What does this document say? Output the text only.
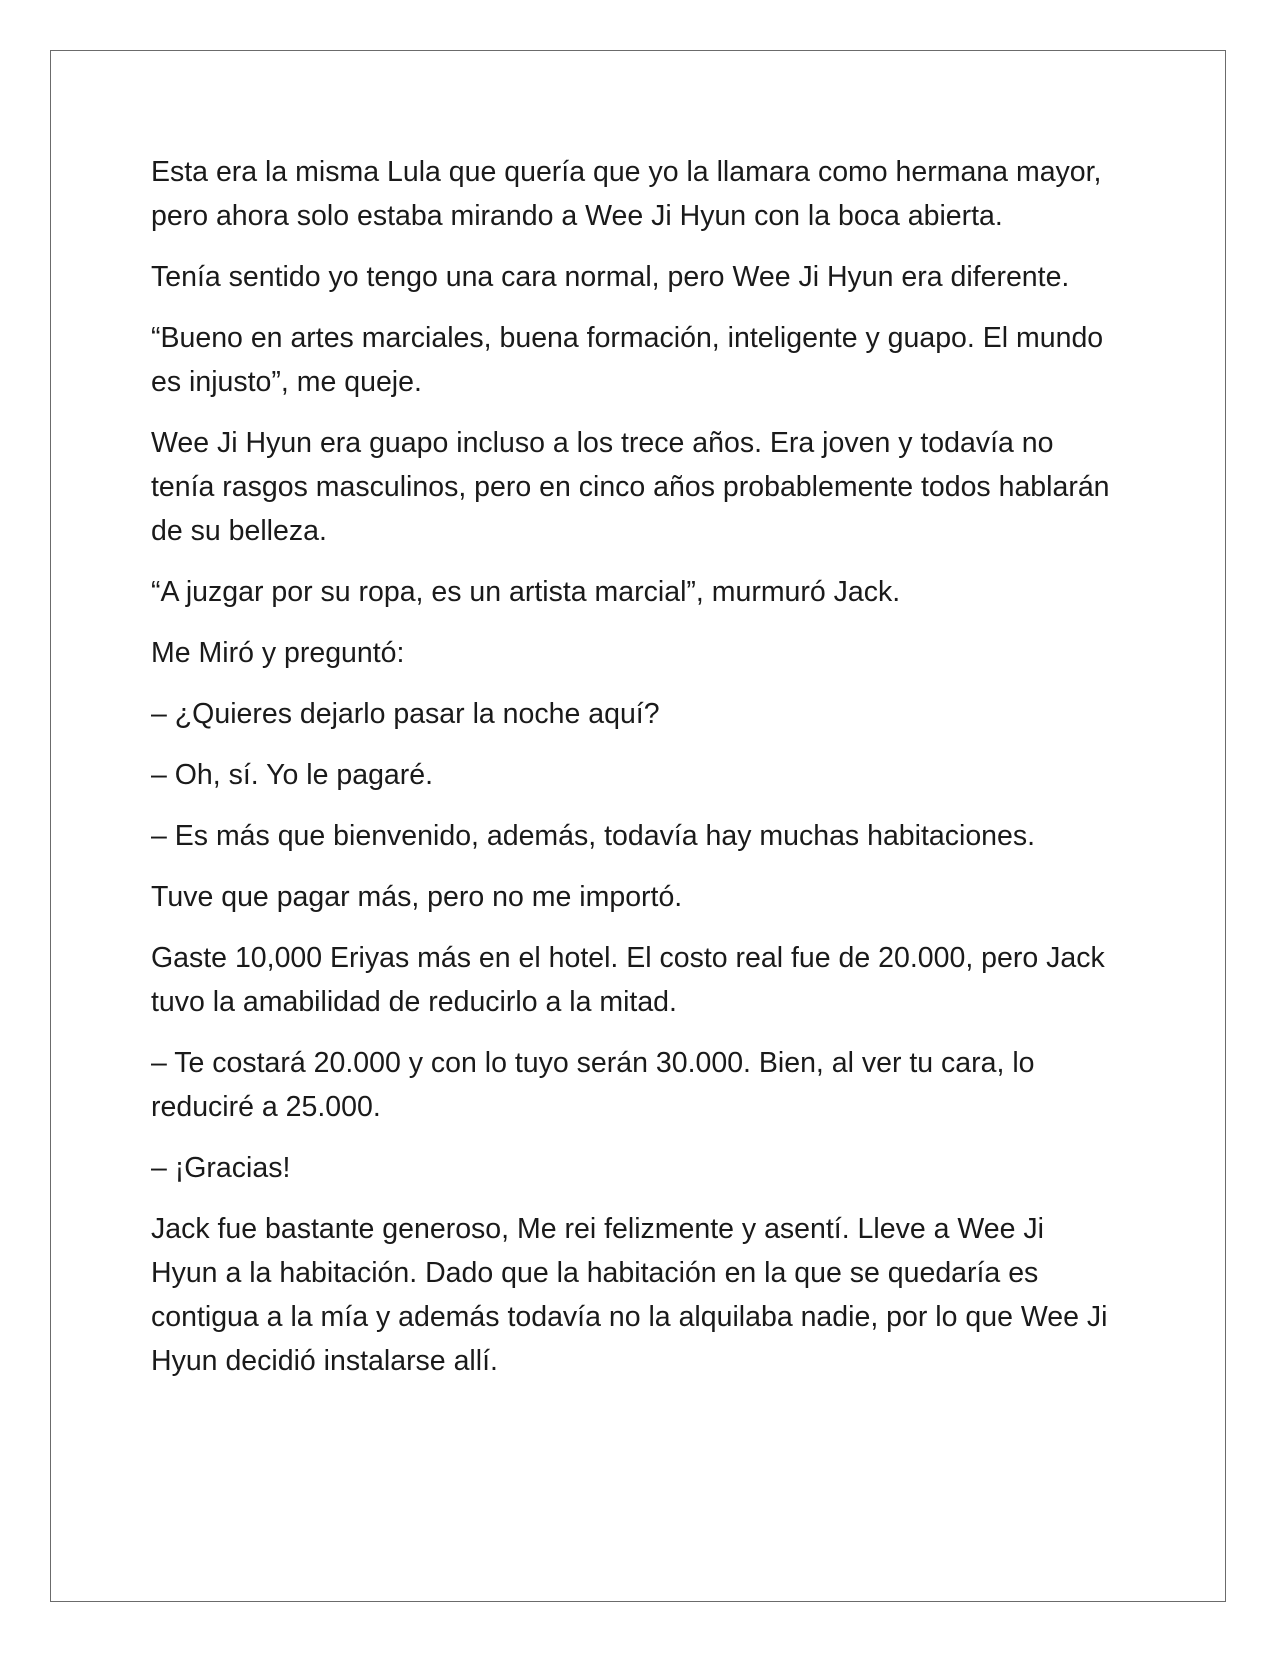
Esta era la misma Lula que quería que yo la llamara como hermana mayor, pero ahora solo estaba mirando a Wee Ji Hyun con la boca abierta.

Tenía sentido yo tengo una cara normal, pero Wee Ji Hyun era diferente.

“Bueno en artes marciales, buena formación, inteligente y guapo. El mundo es injusto”, me queje.

Wee Ji Hyun era guapo incluso a los trece años. Era joven y todavía no tenía rasgos masculinos, pero en cinco años probablemente todos hablarán de su belleza.

“A juzgar por su ropa, es un artista marcial”, murmuró Jack.

Me Miró y preguntó:

– ¿Quieres dejarlo pasar la noche aquí?

– Oh, sí. Yo le pagaré.

– Es más que bienvenido, además, todavía hay muchas habitaciones.

Tuve que pagar más, pero no me importó.

Gaste 10,000 Eriyas más en el hotel. El costo real fue de 20.000, pero Jack tuvo la amabilidad de reducirlo a la mitad.

– Te costará 20.000 y con lo tuyo serán 30.000. Bien, al ver tu cara, lo reduciré a 25.000.

– ¡Gracias!

Jack fue bastante generoso, Me rei felizmente y asentí. Lleve a Wee Ji Hyun a la habitación. Dado que la habitación en la que se quedaría es contigua a la mía y además todavía no la alquilaba nadie, por lo que Wee Ji Hyun decidió instalarse allí.
